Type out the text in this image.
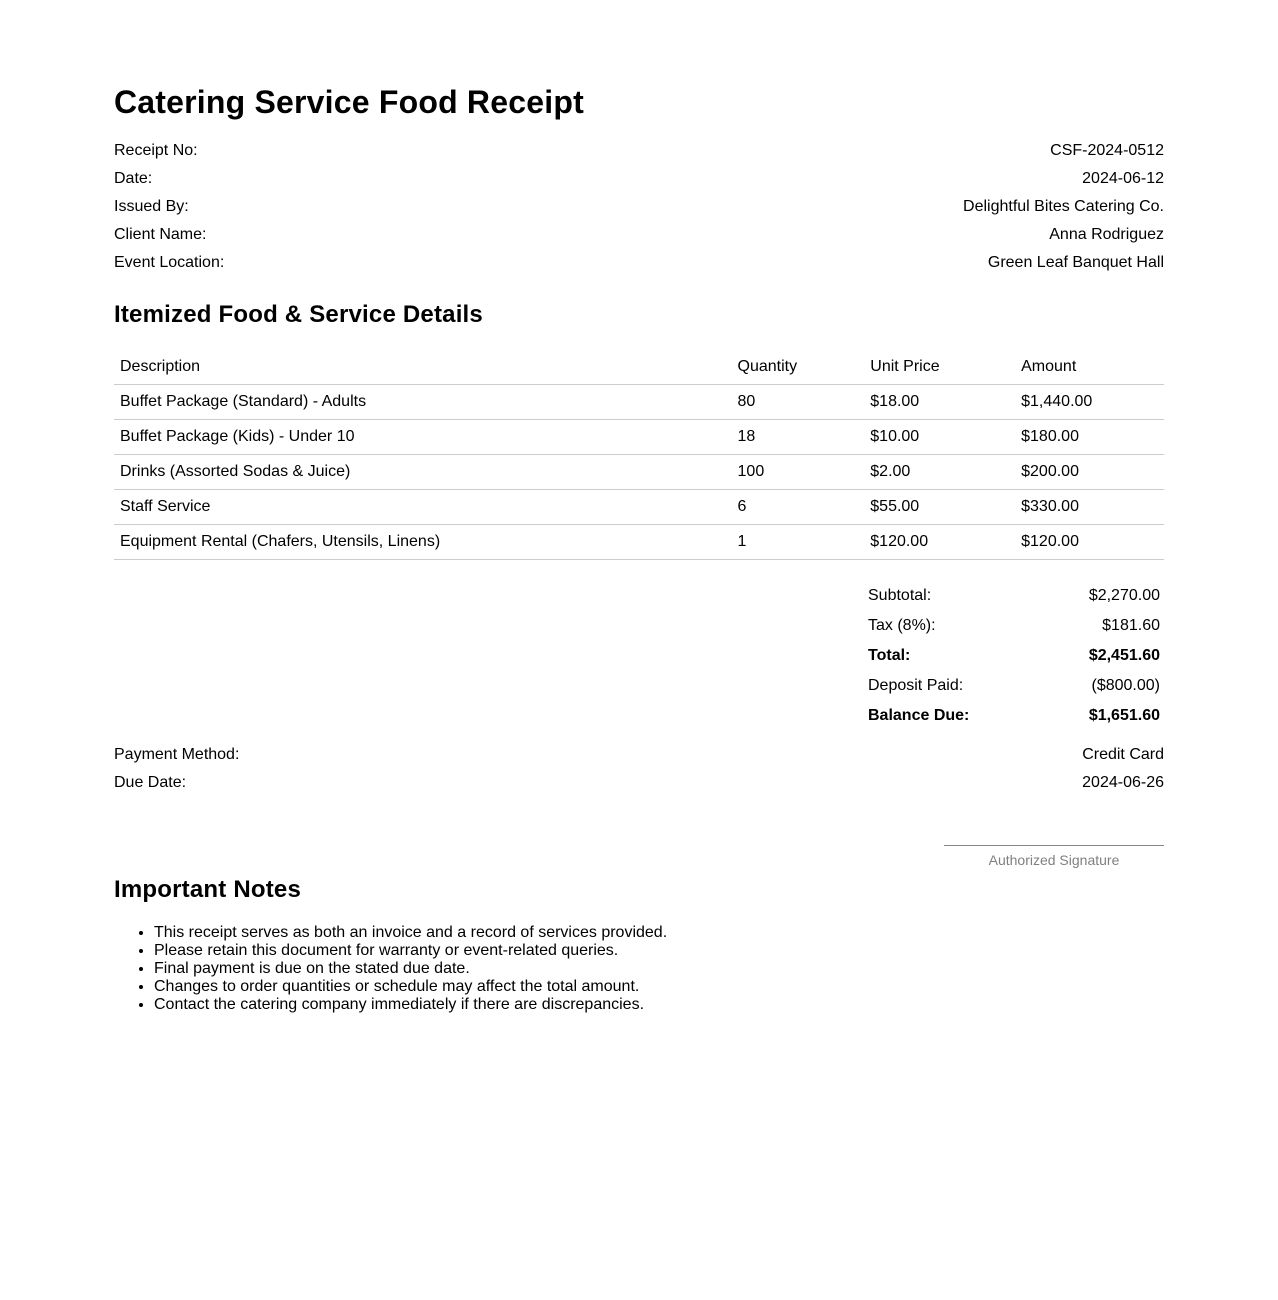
Catering Service Food Receipt
Receipt No:	CSF-2024-0512
Date:	2024-06-12
Issued By:	Delightful Bites Catering Co.
Client Name:	Anna Rodriguez
Event Location:	Green Leaf Banquet Hall
Itemized Food & Service Details
Description	Quantity	Unit Price	Amount
Buffet Package (Standard) - Adults	80	$18.00	$1,440.00
Buffet Package (Kids) - Under 10	18	$10.00	$180.00
Drinks (Assorted Sodas & Juice)	100	$2.00	$200.00
Staff Service	6	$55.00	$330.00
Equipment Rental (Chafers, Utensils, Linens)	1	$120.00	$120.00
Subtotal:	$2,270.00
Tax (8%):	$181.60
Total:	$2,451.60
Deposit Paid:	($800.00)
Balance Due:	$1,651.60
Payment Method:	Credit Card
Due Date:	2024-06-26
Authorized Signature
Important Notes
• This receipt serves as both an invoice and a record of services provided.
• Please retain this document for warranty or event-related queries.
• Final payment is due on the stated due date.
• Changes to order quantities or schedule may affect the total amount.
• Contact the catering company immediately if there are discrepancies.
